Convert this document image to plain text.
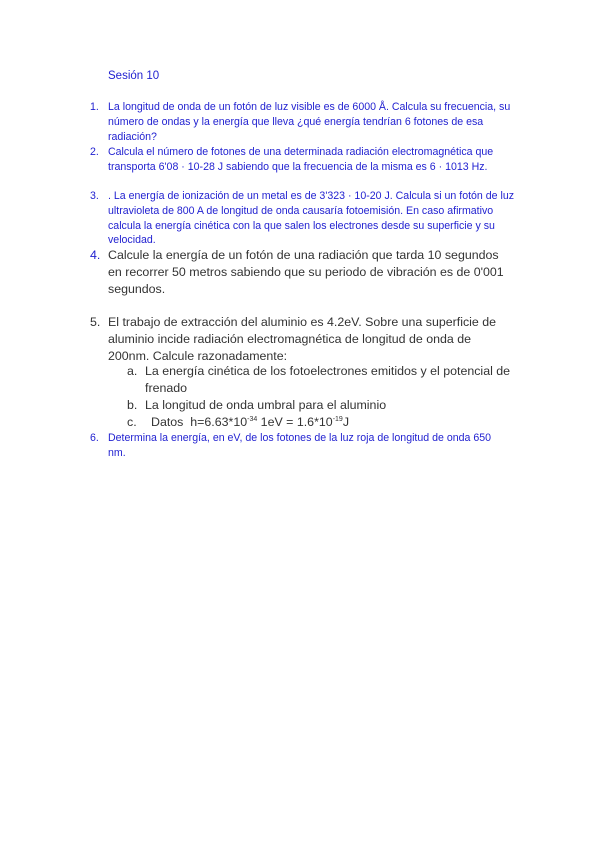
Sesión 10
1. La longitud de onda de un fotón de luz visible es de 6000 Å. Calcula su frecuencia, su número de ondas y la energía que lleva ¿qué energía tendrían 6 fotones de esa radiación?
2. Calcula el número de fotones de una determinada radiación electromagnética que transporta 6'08 · 10-28 J sabiendo que la frecuencia de la misma es 6 · 1013 Hz.
3. . La energía de ionización de un metal es de 3'323 · 10-20 J. Calcula si un fotón de luz ultravioleta de 800 A de longitud de onda causaría fotoemisión. En caso afirmativo calcula la energía cinética con la que salen los electrones desde su superficie y su velocidad.
4. Calcule la energía de un fotón de una radiación que tarda 10 segundos en recorrer 50 metros sabiendo que su periodo de vibración es de 0'001 segundos.
5. El trabajo de extracción del aluminio es 4.2eV. Sobre una superficie de aluminio incide radiación electromagnética de longitud de onda de 200nm. Calcule razonadamente:
a. La energía cinética de los fotoelectrones emitidos y el potencial de frenado
b. La longitud de onda umbral para el aluminio
c. Datos  $h=6.63*10^{-34}$ $1eV = 1.6*10^{-19}J$
6. Determina la energía, en eV, de los fotones de la luz roja de longitud de onda 650 nm.
